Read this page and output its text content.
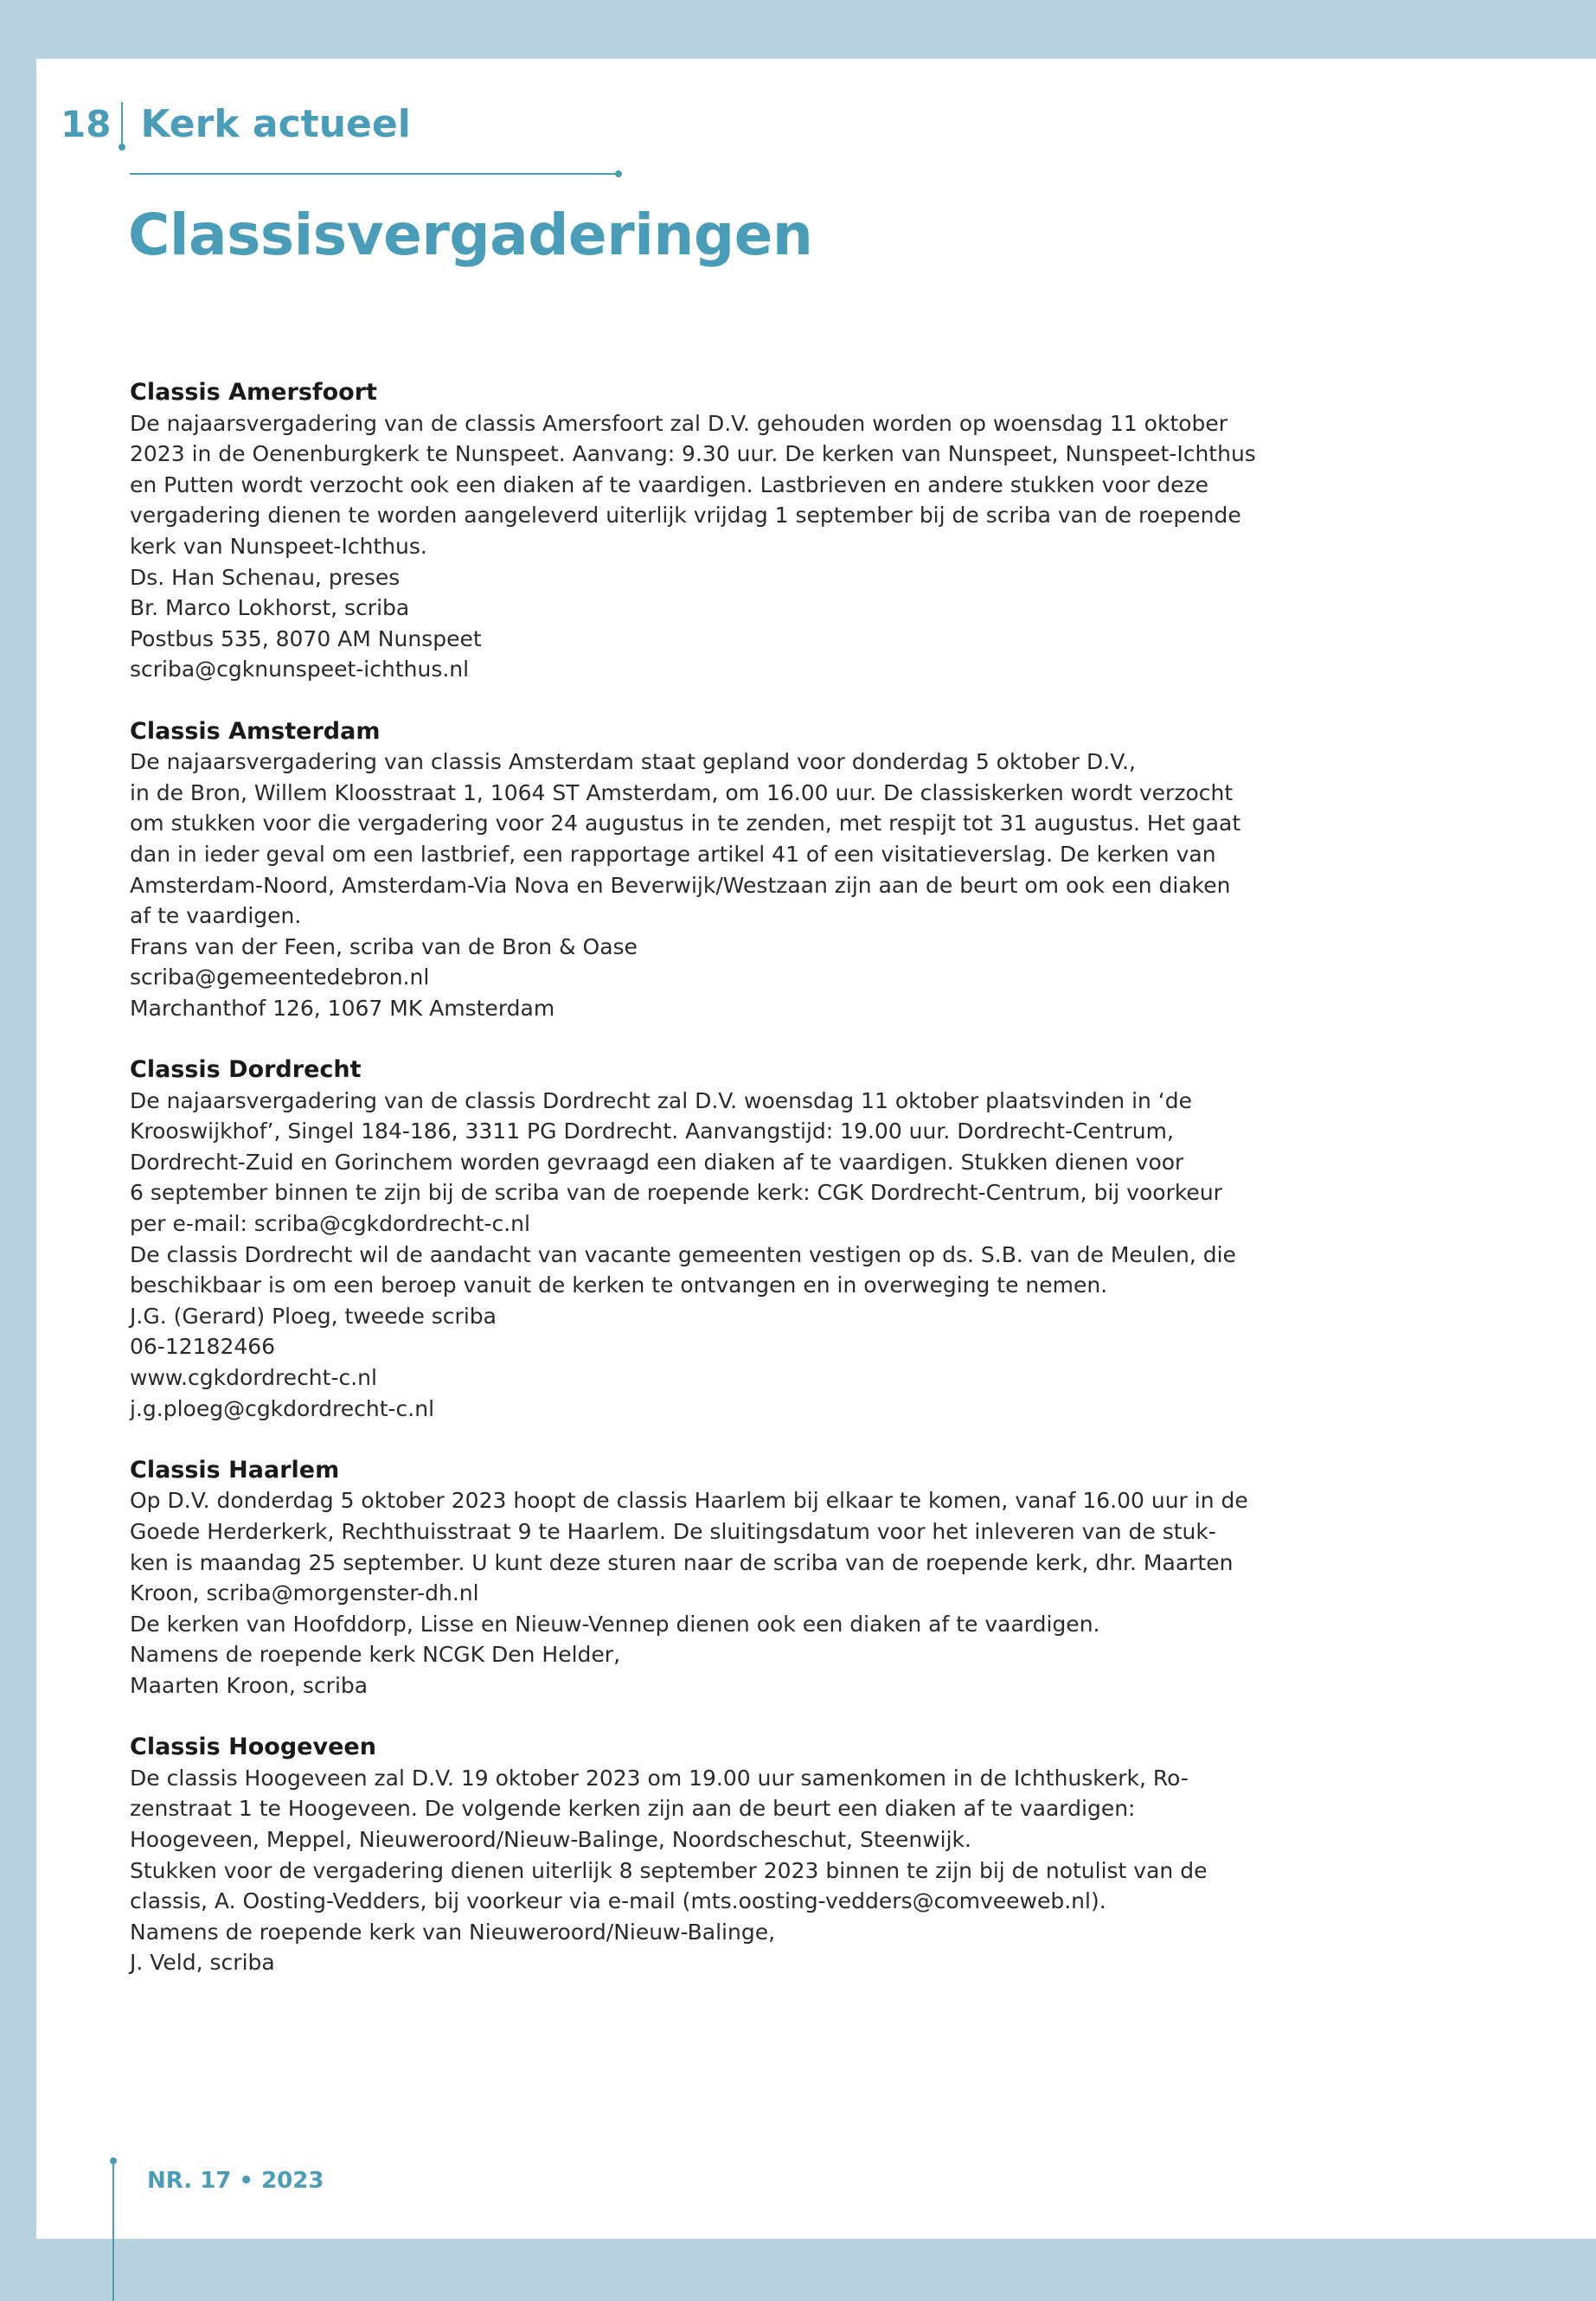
18 Kerk actueel
Classisvergaderingen
Classis Amersfoort

De najaarsvergadering van de classis Amersfoort zal D.V. gehouden worden op woensdag 11 oktober
2023 in de Oenenburgkerk te Nunspeet. Aanvang: 9.30 uur. De kerken van Nunspeet, Nunspeet-Ichthus
en Putten wordt verzocht ook een diaken af te vaardigen. Lastbrieven en andere stukken voor deze
vergadering dienen te worden aangeleverd uiterlijk vrijdag 1 september bij de scriba van de roepende
kerk van Nunspeet-Ichthus.

Ds. Han Schenau, preses
Br. Marco Lokhorst, scriba
Postbus 535, 8070 AM Nunspeet
scriba@cgknunspeet-ichthus.nl

Classis Amsterdam

De najaarsvergadering van classis Amsterdam staat gepland voor donderdag 5 oktober D.V.,
in de Bron, Willem Kloosstraat 1, 1064 ST Amsterdam, om 16.00 uur. De classiskerken wordt verzocht
om stukken voor die vergadering voor 24 augustus in te zenden, met respijt tot 31 augustus. Het gaat
dan in ieder geval om een lastbrief, een rapportage artikel 41 of een visitatieverslag. De kerken van
Amsterdam-Noord, Amsterdam-Via Nova en Beverwijk/Westzaan zijn aan de beurt om ook een diaken
af te vaardigen.

Frans van der Feen, scriba van de Bron & Oase
scriba@gemeentedebron.nl
Marchanthof 126, 1067 MK Amsterdam

Classis Dordrecht

De najaarsvergadering van de classis Dordrecht zal D.V. woensdag 11 oktober plaatsvinden in ‘de
Krooswijkhof’, Singel 184-186, 3311 PG Dordrecht. Aanvangstijd: 19.00 uur. Dordrecht-Centrum,
Dordrecht-Zuid en Gorinchem worden gevraagd een diaken af te vaardigen. Stukken dienen voor
6 september binnen te zijn bij de scriba van de roepende kerk: CGK Dordrecht-Centrum, bij voorkeur
per e-mail: scriba@cgkdordrecht-c.nl
De classis Dordrecht wil de aandacht van vacante gemeenten vestigen op ds. S.B. van de Meulen, die
beschikbaar is om een beroep vanuit de kerken te ontvangen en in overweging te nemen.

J.G. (Gerard) Ploeg, tweede scriba
06-12182466
www.cgkdordrecht-c.nl
j.g.ploeg@cgkdordrecht-c.nl

Classis Haarlem

Op D.V. donderdag 5 oktober 2023 hoopt de classis Haarlem bij elkaar te komen, vanaf 16.00 uur in de
Goede Herderkerk, Rechthuisstraat 9 te Haarlem. De sluitingsdatum voor het inleveren van de stuk-
ken is maandag 25 september. U kunt deze sturen naar de scriba van de roepende kerk, dhr. Maarten
Kroon, scriba@morgenster-dh.nl
De kerken van Hoofddorp, Lisse en Nieuw-Vennep dienen ook een diaken af te vaardigen.

Namens de roepende kerk NCGK Den Helder,
Maarten Kroon, scriba

Classis Hoogeveen

De classis Hoogeveen zal D.V. 19 oktober 2023 om 19.00 uur samenkomen in de Ichthuskerk, Ro-
zenstraat 1 te Hoogeveen. De volgende kerken zijn aan de beurt een diaken af te vaardigen:
Hoogeveen, Meppel, Nieuweroord/Nieuw-Balinge, Noordscheschut, Steenwijk.
Stukken voor de vergadering dienen uiterlijk 8 september 2023 binnen te zijn bij de notulist van de
classis, A. Oosting-Vedders, bij voorkeur via e-mail (mts.oosting-vedders@comveeweb.nl).

Namens de roepende kerk van Nieuweroord/Nieuw-Balinge,
J. Veld, scriba

NR. 17 • 2023
